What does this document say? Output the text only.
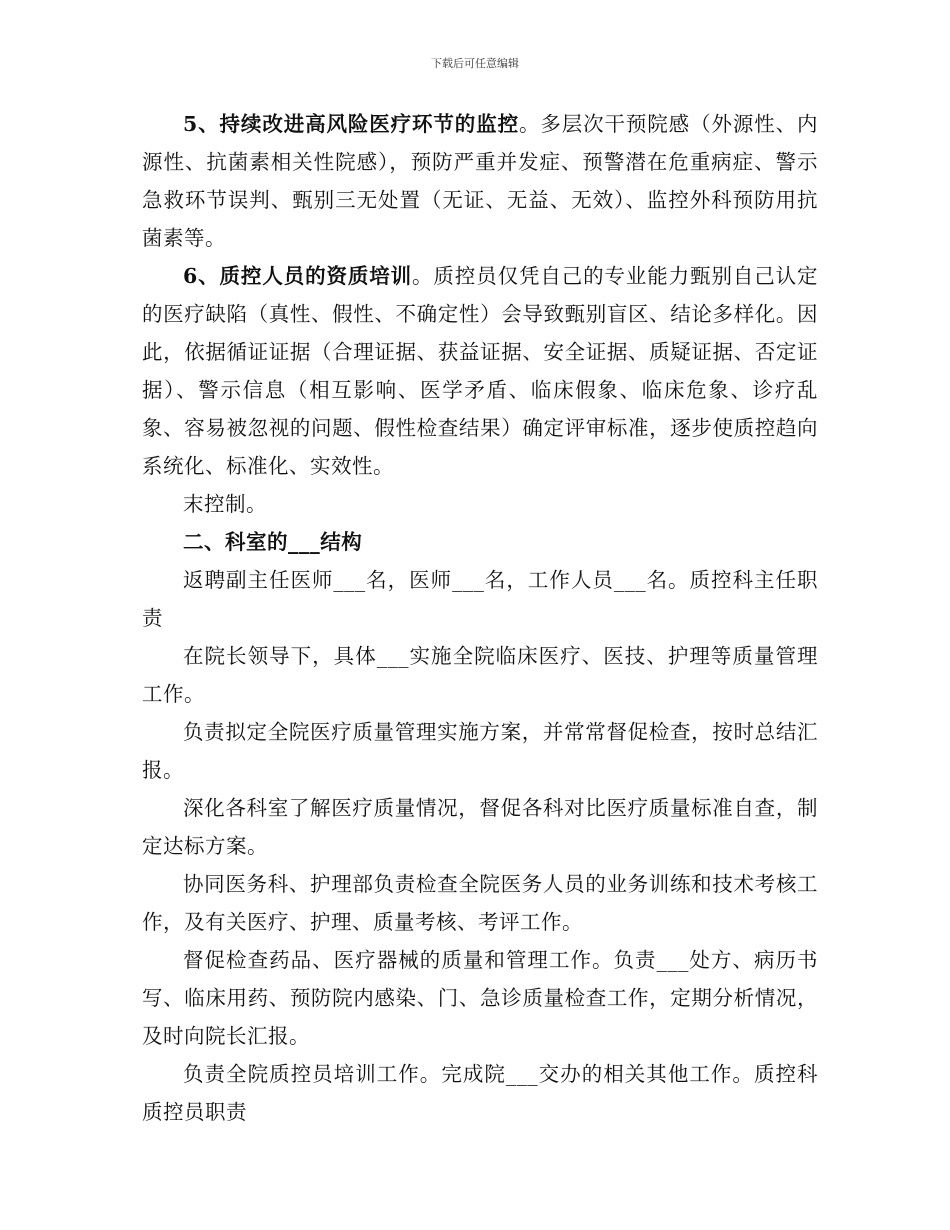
下载后可任意编辑

5、持续改进高风险医疗环节的监控。多层次干预院感（外源性、内源性、抗菌素相关性院感），预防严重并发症、预警潜在危重病症、警示急救环节误判、甄别三无处置（无证、无益、无效）、监控外科预防用抗菌素等。

6、质控人员的资质培训。质控员仅凭自己的专业能力甄别自己认定的医疗缺陷（真性、假性、不确定性）会导致甄别盲区、结论多样化。因此，依据循证证据（合理证据、获益证据、安全证据、质疑证据、否定证据）、警示信息（相互影响、医学矛盾、临床假象、临床危象、诊疗乱象、容易被忽视的问题、假性检查结果）确定评审标准，逐步使质控趋向系统化、标准化、实效性。

末控制。

二、科室的___结构

返聘副主任医师___名，医师___名，工作人员___名。质控科主任职责

在院长领导下，具体___实施全院临床医疗、医技、护理等质量管理工作。

负责拟定全院医疗质量管理实施方案，并常常督促检查，按时总结汇报。

深化各科室了解医疗质量情况，督促各科对比医疗质量标准自查，制定达标方案。

协同医务科、护理部负责检查全院医务人员的业务训练和技术考核工作，及有关医疗、护理、质量考核、考评工作。

督促检查药品、医疗器械的质量和管理工作。负责___处方、病历书写、临床用药、预防院内感染、门、急诊质量检查工作，定期分析情况，及时向院长汇报。

负责全院质控员培训工作。完成院___交办的相关其他工作。质控科质控员职责
